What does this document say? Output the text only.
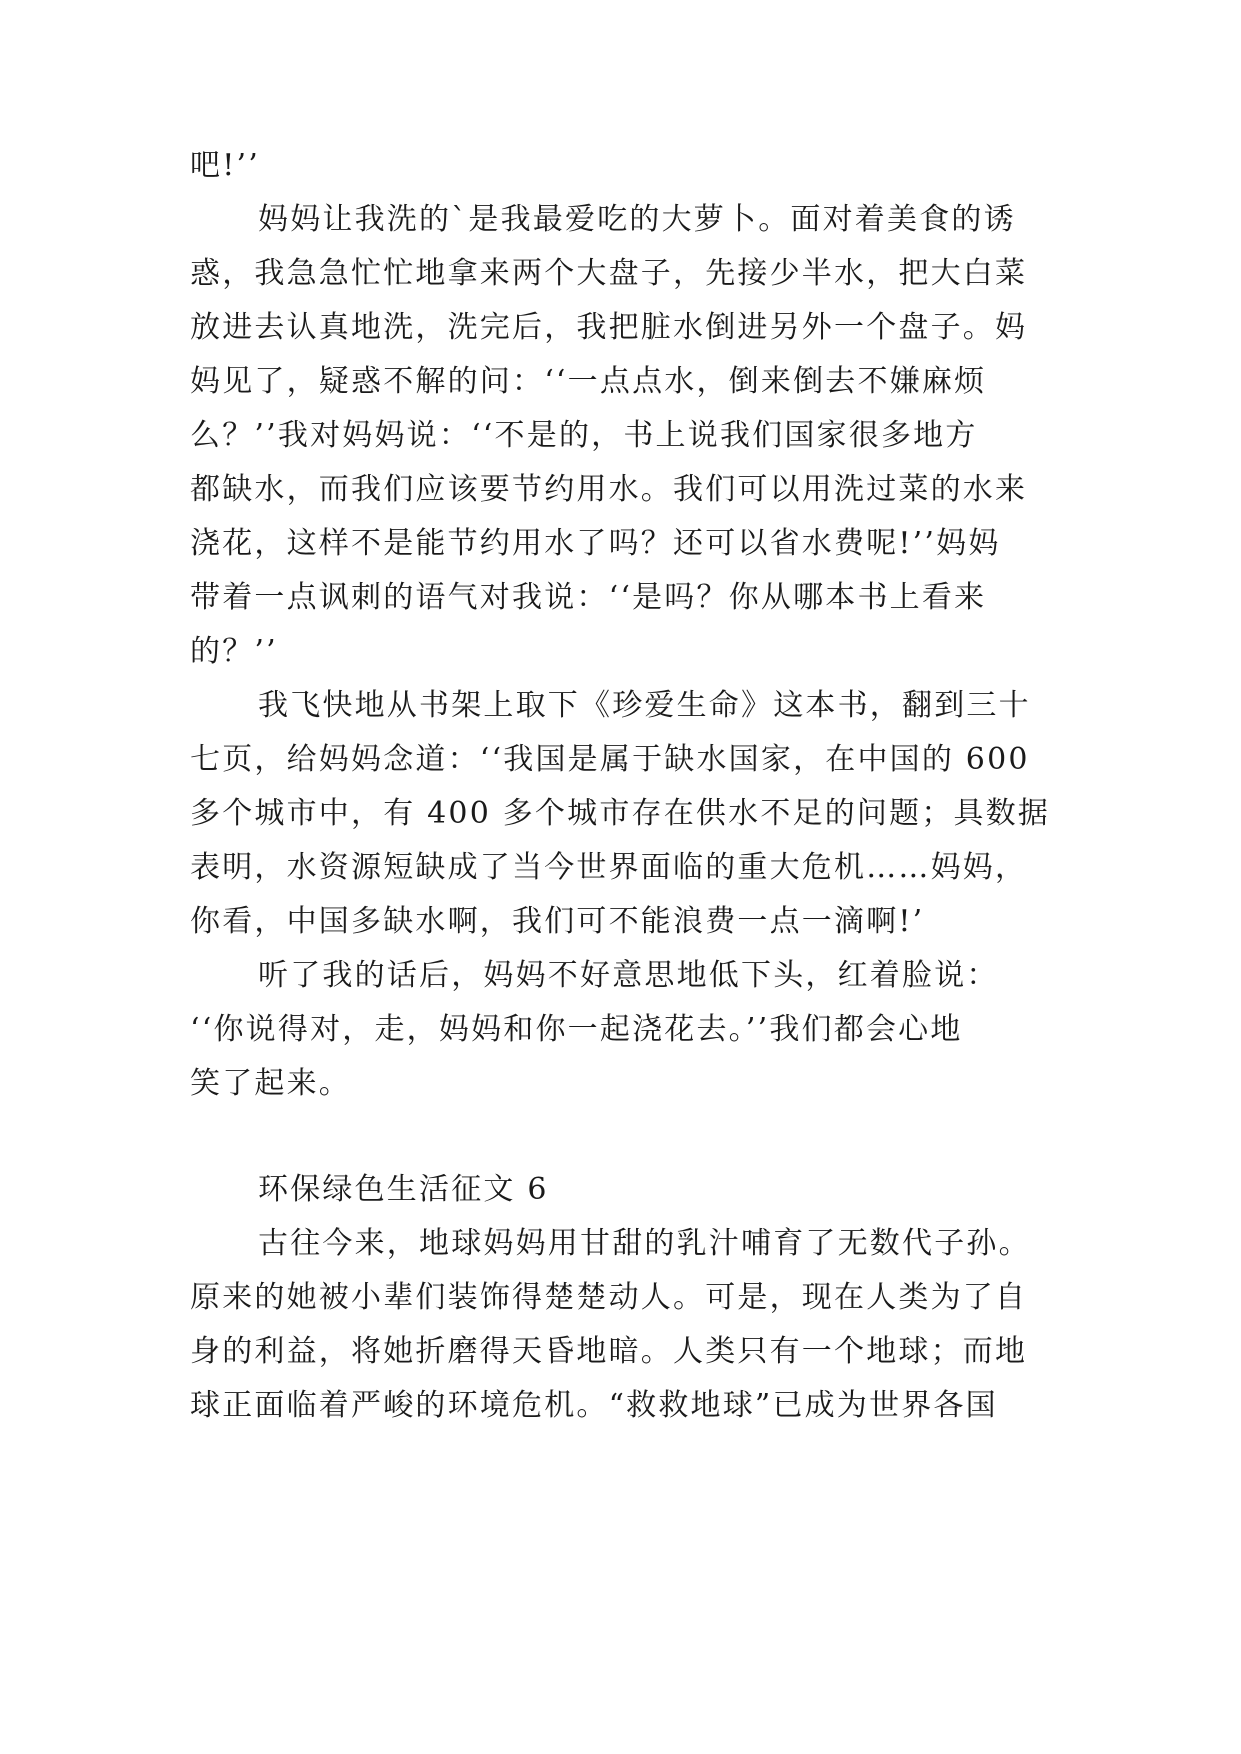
吧!’’
妈妈让我洗的`是我最爱吃的大萝卜。面对着美食的诱
惑，我急急忙忙地拿来两个大盘子，先接少半水，把大白菜
放进去认真地洗，洗完后，我把脏水倒进另外一个盘子。妈
妈见了，疑惑不解的问：‘‘一点点水，倒来倒去不嫌麻烦
么？’’我对妈妈说：‘‘不是的，书上说我们国家很多地方
都缺水，而我们应该要节约用水。我们可以用洗过菜的水来
浇花，这样不是能节约用水了吗？还可以省水费呢!’’妈妈
带着一点讽刺的语气对我说：‘‘是吗？你从哪本书上看来
的？’’
我飞快地从书架上取下《珍爱生命》这本书，翻到三十
七页，给妈妈念道：‘‘我国是属于缺水国家，在中国的 600
多个城市中，有 400 多个城市存在供水不足的问题；具数据
表明，水资源短缺成了当今世界面临的重大危机……妈妈，
你看，中国多缺水啊，我们可不能浪费一点一滴啊!’
听了我的话后，妈妈不好意思地低下头，红着脸说：
‘‘你说得对，走，妈妈和你一起浇花去。’’我们都会心地
笑了起来。
环保绿色生活征文 6
古往今来，地球妈妈用甘甜的乳汁哺育了无数代子孙。
原来的她被小辈们装饰得楚楚动人。可是，现在人类为了自
身的利益，将她折磨得天昏地暗。人类只有一个地球；而地
球正面临着严峻的环境危机。“救救地球”已成为世界各国
